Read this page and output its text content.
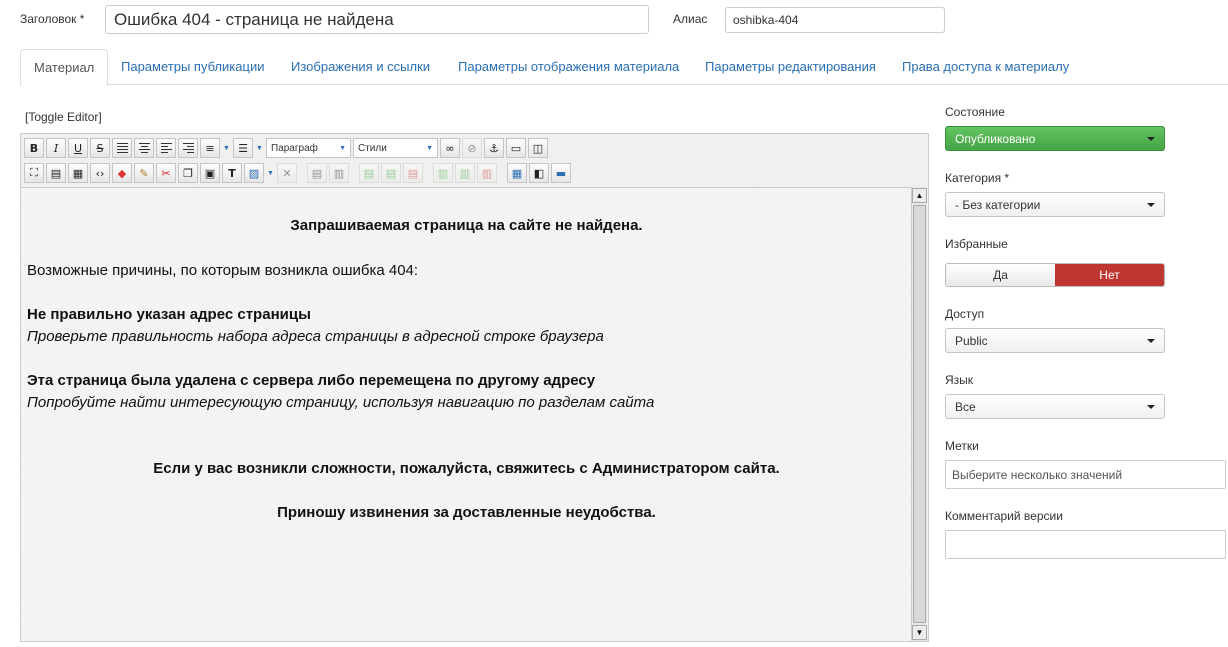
Заголовок *
Ошибка 404 - страница не найдена	Алиас
oshibka-404
Материал	Параметры публикации	Изображения и ссылки	Параметры отображения материала	Параметры редактирования	Права доступа к материалу
[Toggle Editor]
B	I	U	S	≡ ▼ ☰ ▼ Параграф	▼ Стили	▼ ∞ ⊘ ⚓ ▭ ◫
⛶ ▤ ▦ ‹› ◆ ✎ ✂ ❐ ▣ T ▨ ▼ ✕ ▤ ▥ ▤ ▤ ▤ ▥ ▥ ▥ ▦ ◧ ▬

Запрашиваемая страница на сайте не найдена.

Возможные причины, по которым возникла ошибка 404:

Не правильно указан адрес страницы

Проверьте правильность набора адреса страницы в адресной строке браузера

Эта страница была удалена с сервера либо перемещена по другому адресу

Попробуйте найти интересующую страницу, используя навигацию по разделам сайта

Если у вас возникли сложности, пожалуйста, свяжитесь с Администратором сайта.

Приношу извинения за доставленные неудобства.

▲
▼
Состояние
Опубликовано
Категория *
- Без категории
Избранные
Да	Нет
Доступ
Public
Язык
Все
Метки
Выберите несколько значений
Комментарий версии
